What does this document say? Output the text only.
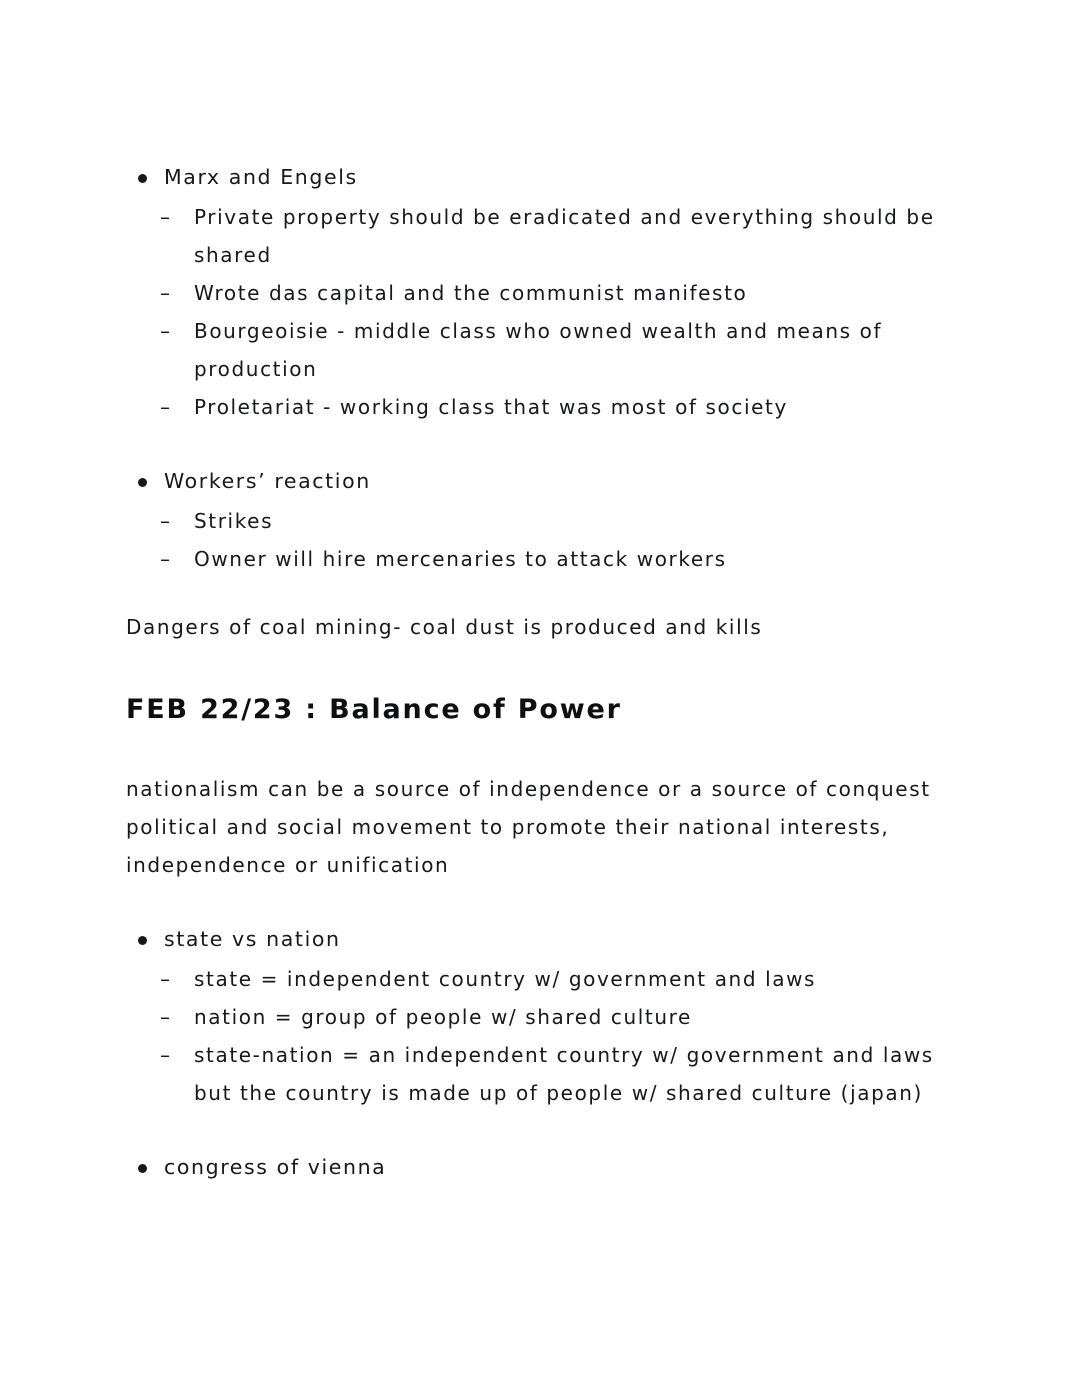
Marx and Engels
– Private property should be eradicated and everything should be shared
– Wrote das capital and the communist manifesto
– Bourgeoisie - middle class who owned wealth and means of production
– Proletariat - working class that was most of society
Workers’ reaction
– Strikes
– Owner will hire mercenaries to attack workers

Dangers of coal mining- coal dust is produced and kills

FEB 22/23 : Balance of Power

nationalism can be a source of independence or a source of conquest

political and social movement to promote their national interests,

independence or unification

state vs nation
– state = independent country w/ government and laws
– nation = group of people w/ shared culture
– state-nation = an independent country w/ government and laws but the country is made up of people w/ shared culture (japan)
congress of vienna
